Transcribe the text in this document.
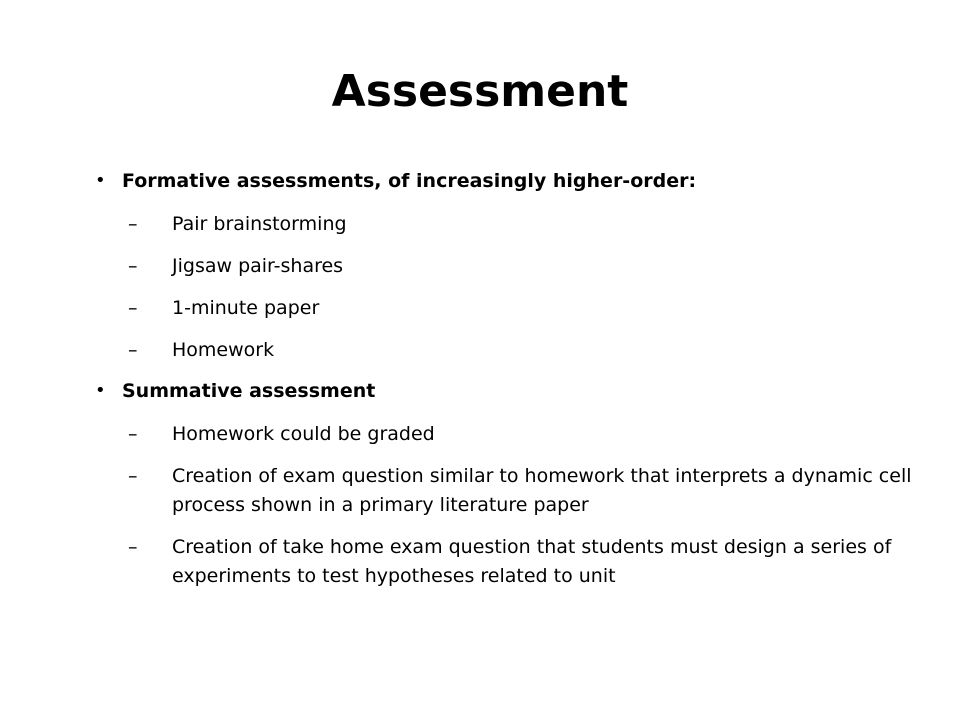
Assessment
• Formative assessments, of increasingly higher-order:
– Pair brainstorming
– Jigsaw pair-shares
– 1-minute paper
– Homework
• Summative assessment
– Homework could be graded
– Creation of exam question similar to homework that interprets a dynamic cell process shown in a primary literature paper
– Creation of take home exam question that students must design a series of experiments to test hypotheses related to unit
